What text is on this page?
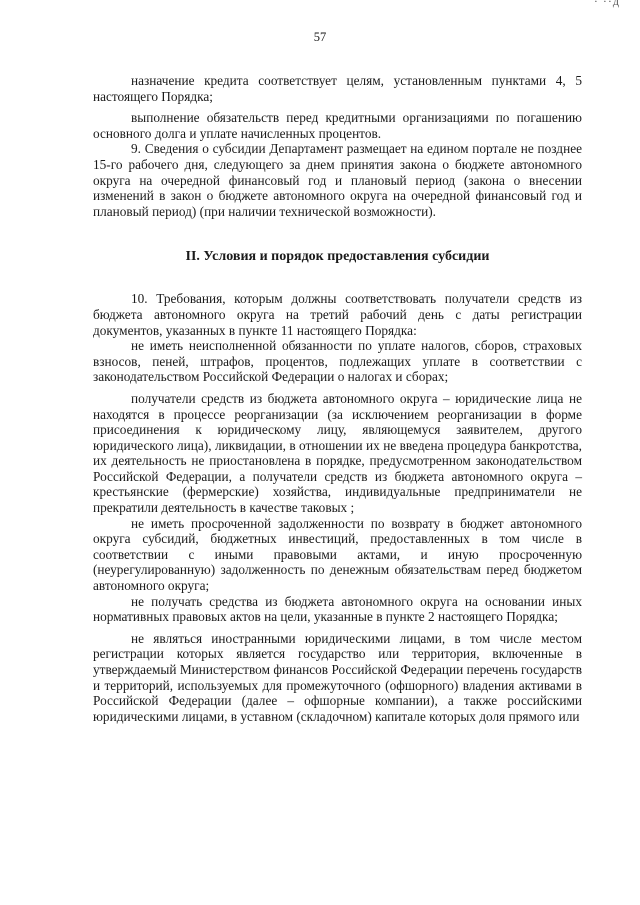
· ··д
57

назначение кредита соответствует целям, установленным пунктами 4, 5 настоящего Порядка;

выполнение обязательств перед кредитными организациями по погашению основного долга и уплате начисленных процентов.

9. Сведения о субсидии Департамент размещает на едином портале не позднее 15-го рабочего дня, следующего за днем принятия закона о бюджете автономного округа на очередной финансовый год и плановый период (закона о внесении изменений в закон о бюджете автономного округа на очередной финансовый год и плановый период) (при наличии технической возможности).

II. Условия и порядок предоставления субсидии

10. Требования, которым должны соответствовать получатели средств из бюджета автономного округа на третий рабочий день с даты регистрации документов, указанных в пункте 11 настоящего Порядка:

не иметь неисполненной обязанности по уплате налогов, сборов, страховых взносов, пеней, штрафов, процентов, подлежащих уплате в соответствии с законодательством Российской Федерации о налогах и сборах;

получатели средств из бюджета автономного округа – юридические лица не находятся в процессе реорганизации (за исключением реорганизации в форме присоединения к юридическому лицу, являющемуся заявителем, другого юридического лица), ликвидации, в отношении их не введена процедура банкротства, их деятельность не приостановлена в порядке, предусмотренном законодательством Российской Федерации, а получатели средств из бюджета автономного округа – крестьянские (фермерские) хозяйства, индивидуальные предприниматели не прекратили деятельность в качестве таковых ;

не иметь просроченной задолженности по возврату в бюджет автономного округа субсидий, бюджетных инвестиций, предоставленных в том числе в соответствии с иными правовыми актами, и иную просроченную (неурегулированную) задолженность по денежным обязательствам перед бюджетом автономного округа;

не получать средства из бюджета автономного округа на основании иных нормативных правовых актов на цели, указанные в пункте 2 настоящего Порядка;

не являться иностранными юридическими лицами, в том числе местом регистрации которых является государство или территория, включенные в утверждаемый Министерством финансов Российской Федерации перечень государств и территорий, используемых для промежуточного (офшорного) владения активами в Российской Федерации (далее – офшорные компании), а также российскими юридическими лицами, в уставном (складочном) капитале которых доля прямого или
